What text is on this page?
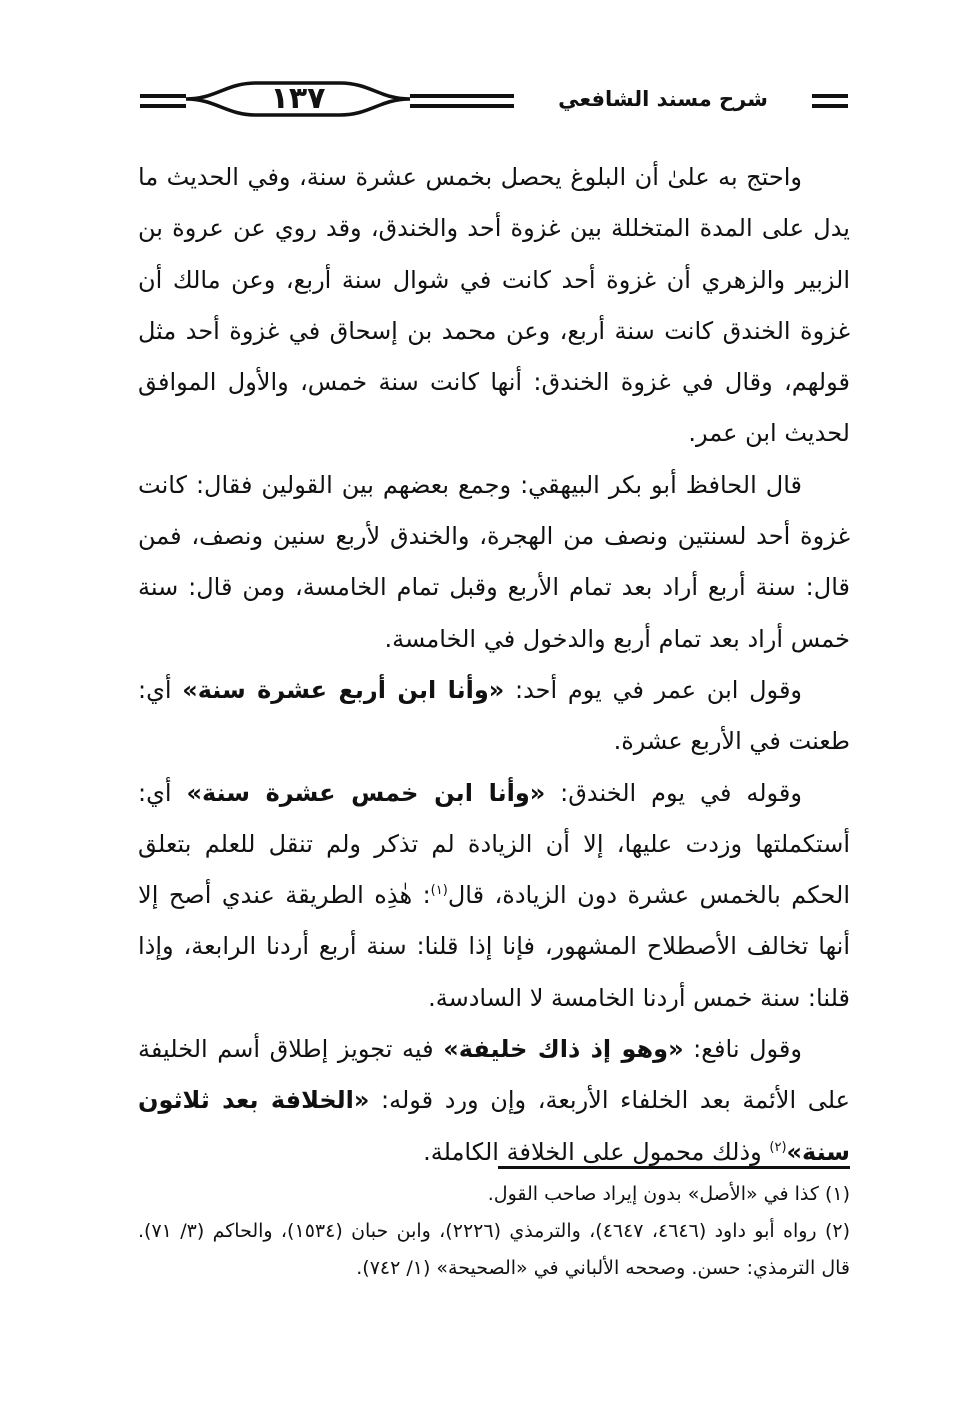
١٣٧	شرح مسند الشافعي

واحتج به علىٰ أن البلوغ يحصل بخمس عشرة سنة، وفي الحديث ما يدل على المدة المتخللة بين غزوة أحد والخندق، وقد روي عن عروة بن الزبير والزهري أن غزوة أحد كانت في شوال سنة أربع، وعن مالك أن غزوة الخندق كانت سنة أربع، وعن محمد بن إسحاق في غزوة أحد مثل قولهم، وقال في غزوة الخندق: أنها كانت سنة خمس، والأول الموافق لحديث ابن عمر.

قال الحافظ أبو بكر البيهقي: وجمع بعضهم بين القولين فقال: كانت غزوة أحد لسنتين ونصف من الهجرة، والخندق لأربع سنين ونصف، فمن قال: سنة أربع أراد بعد تمام الأربع وقبل تمام الخامسة، ومن قال: سنة خمس أراد بعد تمام أربع والدخول في الخامسة.

وقول ابن عمر في يوم أحد: «وأنا ابن أربع عشرة سنة» أي: طعنت في الأربع عشرة.

وقوله في يوم الخندق: «وأنا ابن خمس عشرة سنة» أي: أستكملتها وزدت عليها، إلا أن الزيادة لم تذكر ولم تنقل للعلم بتعلق الحكم بالخمس عشرة دون الزيادة، قال$^{(١)}$: هٰذِه الطريقة عندي أصح إلا أنها تخالف الأصطلاح المشهور، فإنا إذا قلنا: سنة أربع أردنا الرابعة، وإذا قلنا: سنة خمس أردنا الخامسة لا السادسة.

وقول نافع: «وهو إذ ذاك خليفة» فيه تجويز إطلاق أسم الخليفة على الأئمة بعد الخلفاء الأربعة، وإن ورد قوله: «الخلافة بعد ثلاثون سنة»$^{(٢)}$ وذلك محمول على الخلافة الكاملة.

(١) كذا في «الأصل» بدون إيراد صاحب القول.

(٢) رواه أبو داود (٤٦٤٦، ٤٦٤٧)، والترمذي (٢٢٢٦)، وابن حبان (١٥٣٤)، والحاكم (٣/ ٧١). قال الترمذي: حسن. وصححه الألباني في «الصحيحة» (١/ ٧٤٢).
